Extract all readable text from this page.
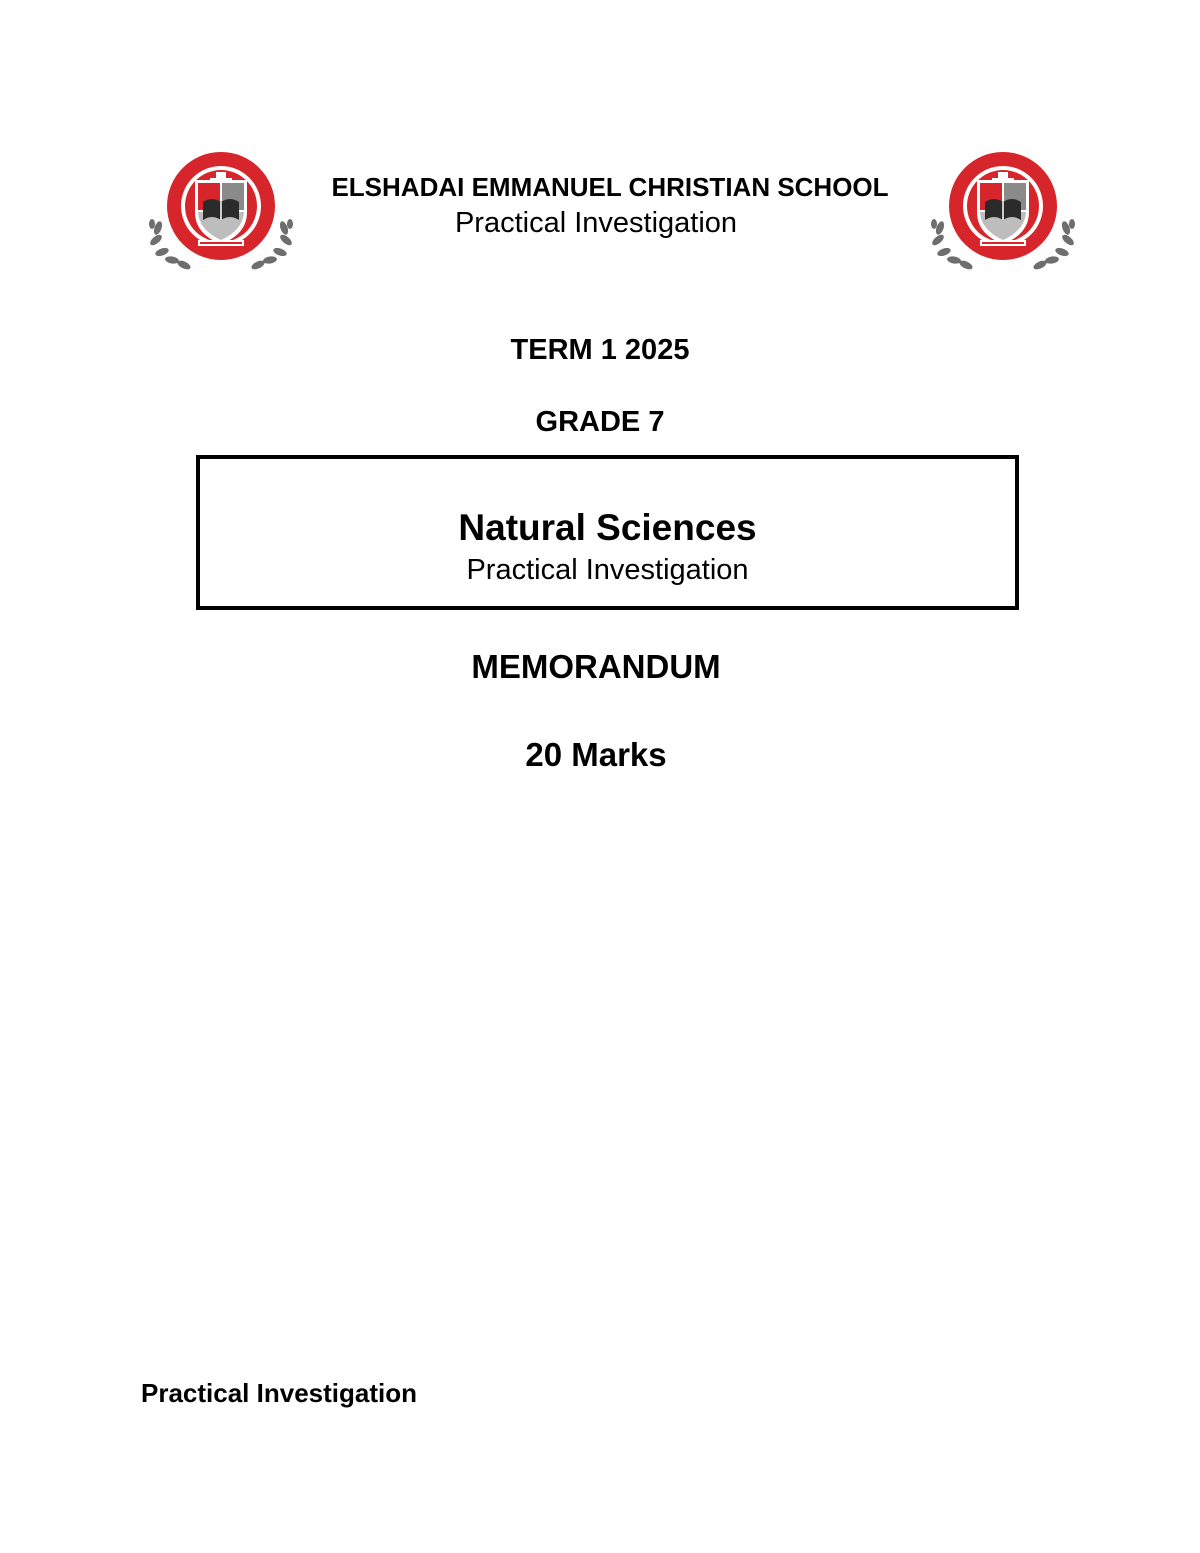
ELSHADAI EMMANUEL CHRISTIAN SCHOOL
Practical Investigation
TERM 1 2025
GRADE 7
Natural Sciences
Practical Investigation
MEMORANDUM
20 Marks
Practical Investigation
